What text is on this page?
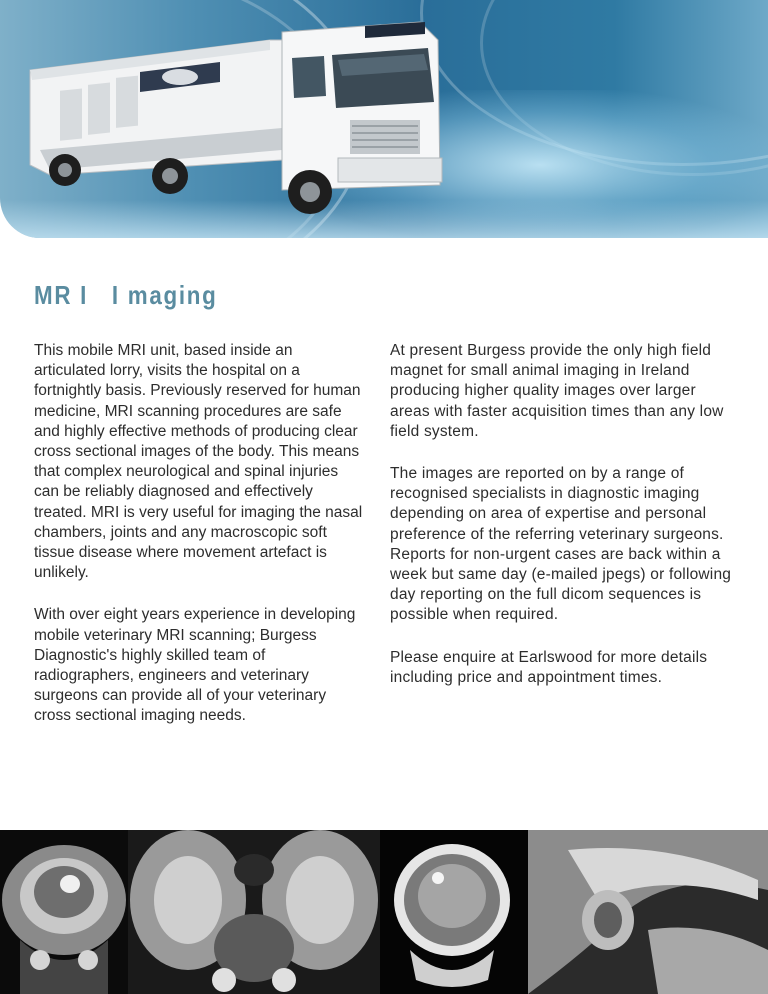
MR I   I maging

This mobile MRI unit, based inside an articulated lorry, visits the hospital on a fortnightly basis. Previously reserved for human medicine, MRI scanning procedures are safe and highly effective methods of producing clear cross sectional images of the body. This means that complex neurological and spinal injuries can be reliably diagnosed and effectively treated. MRI is very useful for imaging the nasal chambers, joints and any macroscopic soft tissue disease where movement artefact is unlikely.

With over eight years experience in developing mobile veterinary MRI scanning; Burgess Diagnostic's highly skilled team of radiographers, engineers and veterinary surgeons can provide all of your veterinary cross sectional imaging needs.

At present Burgess provide the only high field magnet for small animal imaging in Ireland producing higher quality images over larger areas with faster acquisition times than any low field system.

The images are reported on by a range of recognised specialists in diagnostic imaging depending on area of expertise and personal preference of the referring veterinary surgeons. Reports for non-urgent cases are back within a week but same day (e-mailed jpegs) or following day reporting on the full dicom sequences is possible when required.

Please enquire at Earlswood for more details including price and appointment times.
